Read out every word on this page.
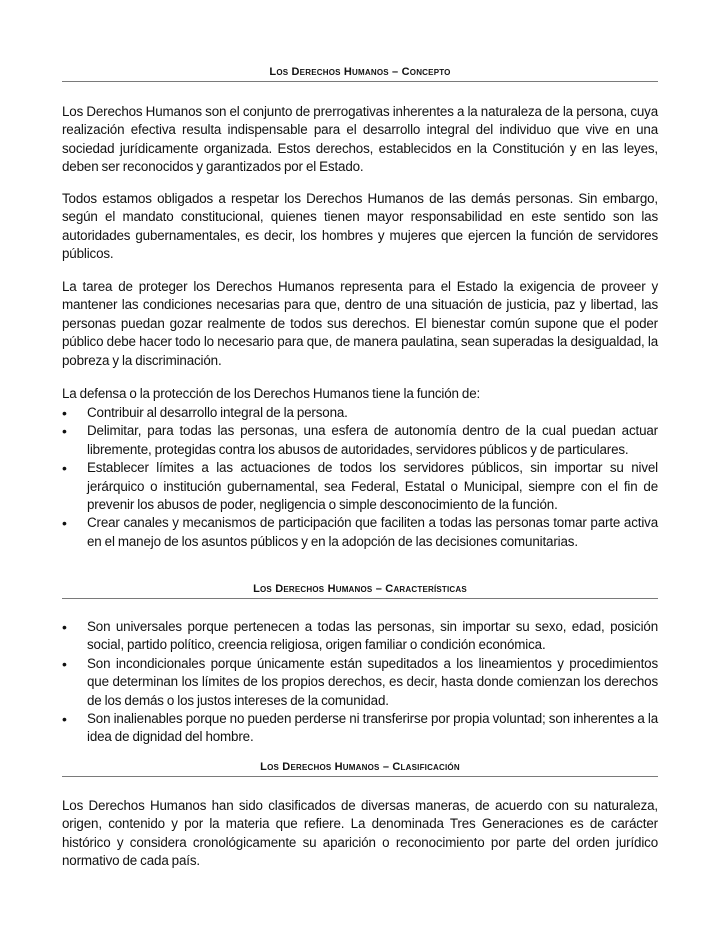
Los Derechos Humanos – Concepto

Los Derechos Humanos son el conjunto de prerrogativas inherentes a la naturaleza de la persona, cuya realización efectiva resulta indispensable para el desarrollo integral del individuo que vive en una sociedad jurídicamente organizada. Estos derechos, establecidos en la Constitución y en las leyes, deben ser reconocidos y garantizados por el Estado.

Todos estamos obligados a respetar los Derechos Humanos de las demás personas. Sin embargo, según el mandato constitucional, quienes tienen mayor responsabilidad en este sentido son las autoridades gubernamentales, es decir, los hombres y mujeres que ejercen la función de servidores públicos.

La tarea de proteger los Derechos Humanos representa para el Estado la exigencia de proveer y mantener las condiciones necesarias para que, dentro de una situación de justicia, paz y libertad, las personas puedan gozar realmente de todos sus derechos. El bienestar común supone que el poder público debe hacer todo lo necesario para que, de manera paulatina, sean superadas la desigualdad, la pobreza y la discriminación.

La defensa o la protección de los Derechos Humanos tiene la función de:

•	Contribuir al desarrollo integral de la persona.
•	Delimitar, para todas las personas, una esfera de autonomía dentro de la cual puedan actuar libremente, protegidas contra los abusos de autoridades, servidores públicos y de particulares.
•	Establecer límites a las actuaciones de todos los servidores públicos, sin importar su nivel jerárquico o institución gubernamental, sea Federal, Estatal o Municipal, siempre con el fin de prevenir los abusos de poder, negligencia o simple desconocimiento de la función.
•	Crear canales y mecanismos de participación que faciliten a todas las personas tomar parte activa en el manejo de los asuntos públicos y en la adopción de las decisiones comunitarias.
Los Derechos Humanos – Características
•	Son universales porque pertenecen a todas las personas, sin importar su sexo, edad, posición social, partido político, creencia religiosa, origen familiar o condición económica.
•	Son incondicionales porque únicamente están supeditados a los lineamientos y procedimientos que determinan los límites de los propios derechos, es decir, hasta donde comienzan los derechos de los demás o los justos intereses de la comunidad.
•	Son inalienables porque no pueden perderse ni transferirse por propia voluntad; son inherentes a la idea de dignidad del hombre.
Los Derechos Humanos – Clasificación

Los Derechos Humanos han sido clasificados de diversas maneras, de acuerdo con su naturaleza, origen, contenido y por la materia que refiere. La denominada Tres Generaciones es de carácter histórico y considera cronológicamente su aparición o reconocimiento por parte del orden jurídico normativo de cada país.
